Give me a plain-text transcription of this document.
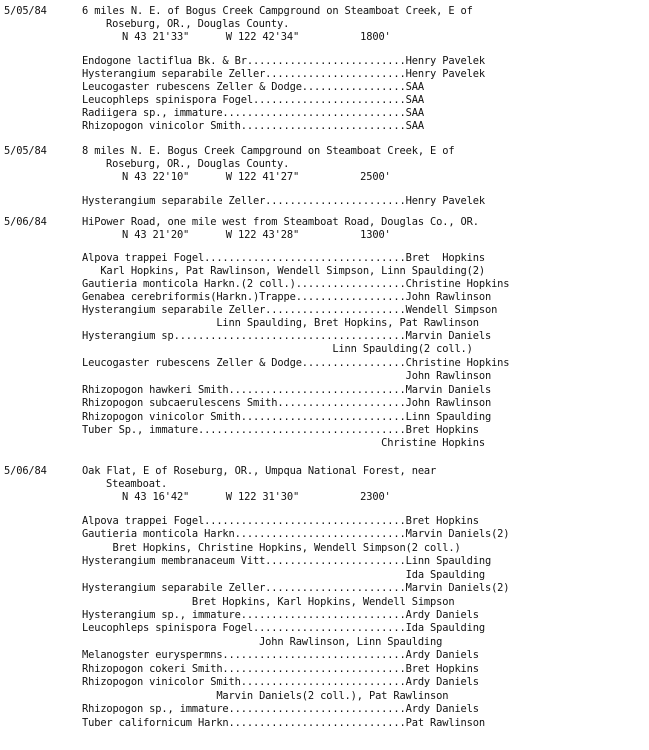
5/05/84	6 miles N. E. of Bogus Creek Campground on Steamboat Creek, E of
Roseburg, OR., Douglas County.
N 43 21'33"      W 122 42'34"          1800'
Endogone lactiflua Bk. & Br..........................Henry Pavelek
Hysterangium separabile Zeller.......................Henry Pavelek
Leucogaster rubescens Zeller & Dodge.................SAA
Leucophleps spinispora Fogel.........................SAA
Radiigera sp., immature..............................SAA
Rhizopogon vinicolor Smith...........................SAA
5/05/84	8 miles N. E. Bogus Creek Campground on Steamboat Creek, E of
Roseburg, OR., Douglas County.
N 43 22'10"      W 122 41'27"          2500'
Hysterangium separabile Zeller.......................Henry Pavelek
5/06/84	HiPower Road, one mile west from Steamboat Road, Douglas Co., OR.
N 43 21'20"      W 122 43'28"          1300'
Alpova trappei Fogel.................................Bret  Hopkins
Karl Hopkins, Pat Rawlinson, Wendell Simpson, Linn Spaulding(2)
Gautieria monticola Harkn.(2 coll.)..................Christine Hopkins
Genabea cerebriformis(Harkn.)Trappe..................John Rawlinson
Hysterangium separabile Zeller.......................Wendell Simpson
Linn Spaulding, Bret Hopkins, Pat Rawlinson
Hysterangium sp......................................Marvin Daniels
Linn Spaulding(2 coll.)
Leucogaster rubescens Zeller & Dodge.................Christine Hopkins
John Rawlinson
Rhizopogon hawkeri Smith.............................Marvin Daniels
Rhizopogon subcaerulescens Smith.....................John Rawlinson
Rhizopogon vinicolor Smith...........................Linn Spaulding
Tuber Sp., immature..................................Bret Hopkins
Christine Hopkins
5/06/84	Oak Flat, E of Roseburg, OR., Umpqua National Forest, near
Steamboat.
N 43 16'42"      W 122 31'30"          2300'
Alpova trappei Fogel.................................Bret Hopkins
Gautieria monticola Harkn............................Marvin Daniels(2)
Bret Hopkins, Christine Hopkins, Wendell Simpson(2 coll.)
Hysterangium membranaceum Vitt.......................Linn Spaulding
Ida Spaulding
Hysterangium separabile Zeller.......................Marvin Daniels(2)
Bret Hopkins, Karl Hopkins, Wendell Simpson
Hysterangium sp., immature...........................Ardy Daniels
Leucophleps spinispora Fogel.........................Ida Spaulding
John Rawlinson, Linn Spaulding
Melanogster euryspermns..............................Ardy Daniels
Rhizopogon cokeri Smith..............................Bret Hopkins
Rhizopogon vinicolor Smith...........................Ardy Daniels
Marvin Daniels(2 coll.), Pat Rawlinson
Rhizopogon sp., immature.............................Ardy Daniels
Tuber californicum Harkn.............................Pat Rawlinson
